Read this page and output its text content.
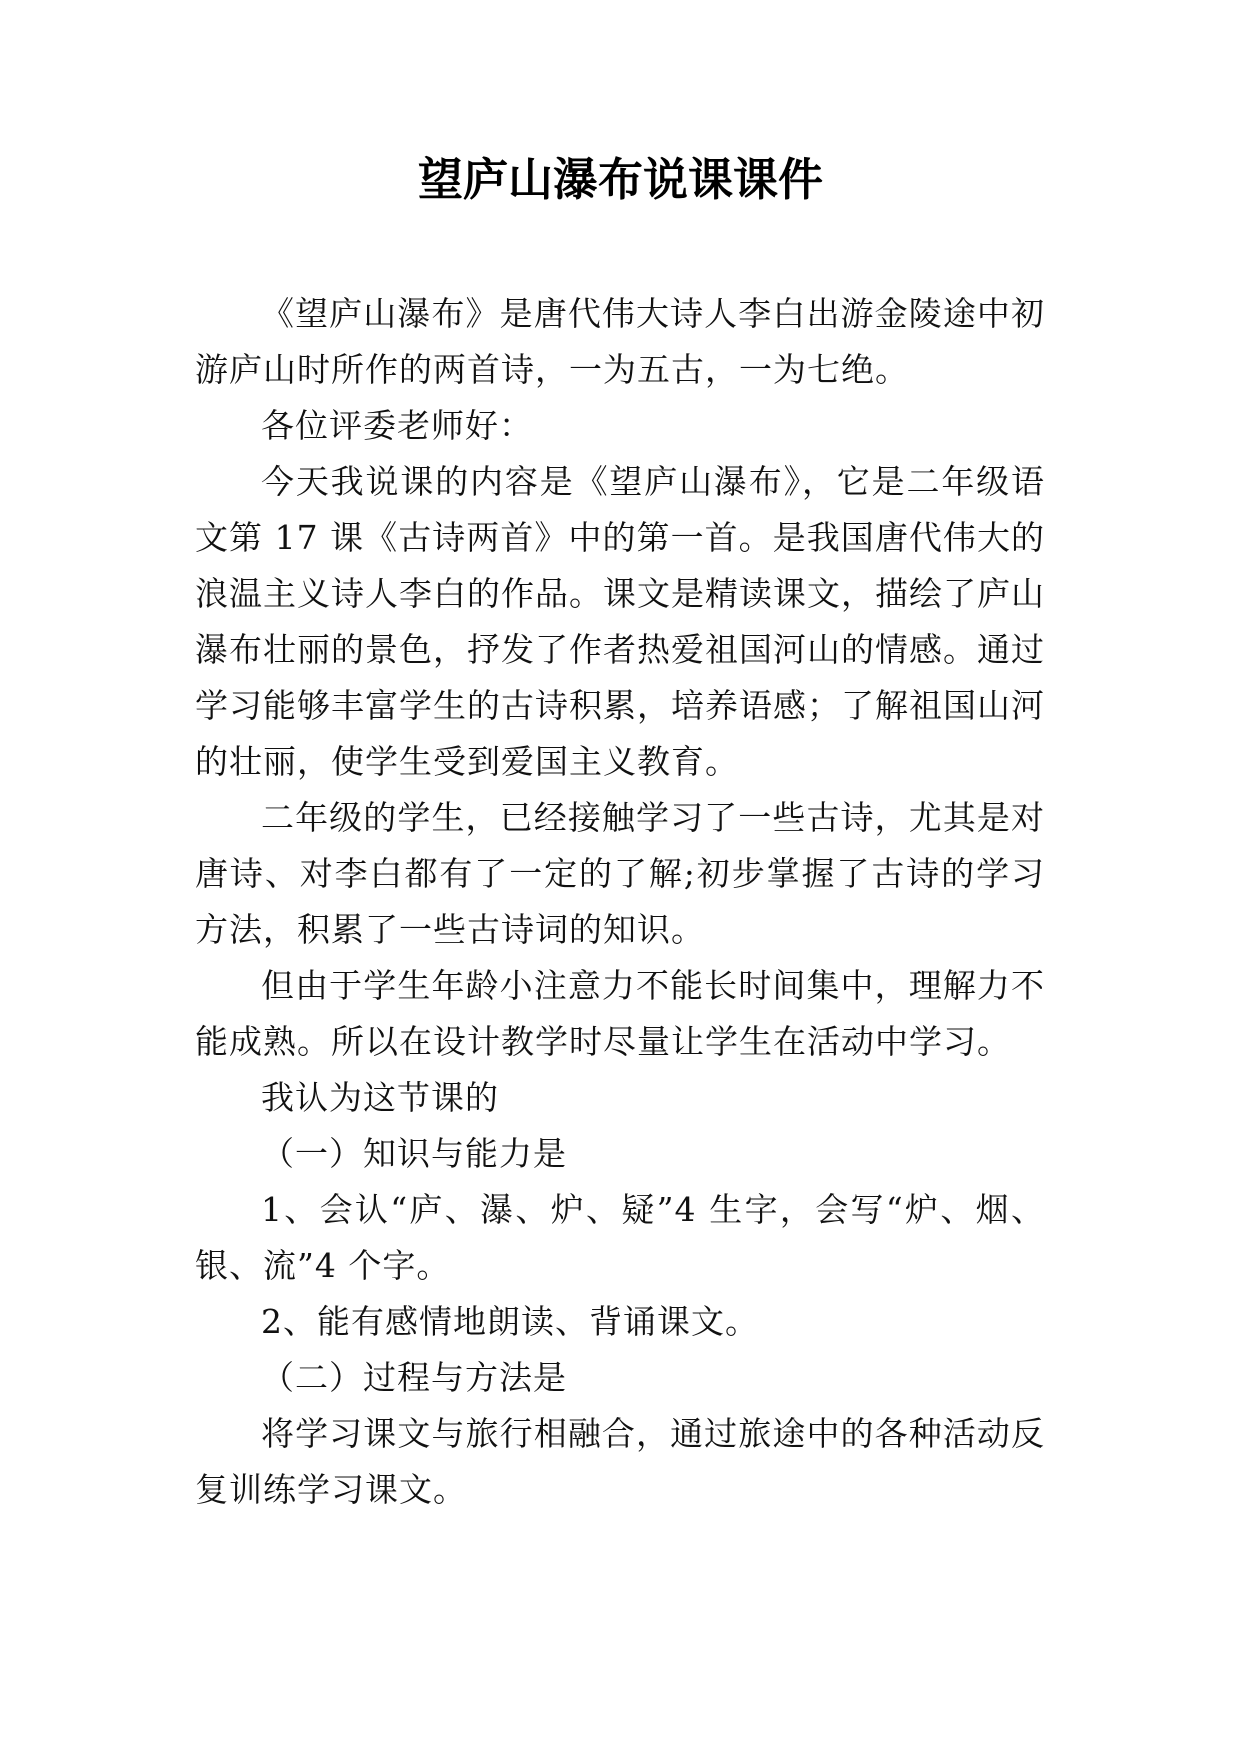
望庐山瀑布说课课件

《望庐山瀑布》是唐代伟大诗人李白出游金陵途中初游庐山时所作的两首诗，一为五古，一为七绝。

各位评委老师好：

今天我说课的内容是《望庐山瀑布》，它是二年级语文第 17 课《古诗两首》中的第一首。是我国唐代伟大的浪温主义诗人李白的作品。课文是精读课文，描绘了庐山瀑布壮丽的景色，抒发了作者热爱祖国河山的情感。通过学习能够丰富学生的古诗积累，培养语感；了解祖国山河的壮丽，使学生受到爱国主义教育。

二年级的学生，已经接触学习了一些古诗，尤其是对唐诗、对李白都有了一定的了解;初步掌握了古诗的学习方法，积累了一些古诗词的知识。

但由于学生年龄小注意力不能长时间集中，理解力不能成熟。所以在设计教学时尽量让学生在活动中学习。

我认为这节课的

（一）知识与能力是

1、会认“庐、瀑、炉、疑”4 生字，会写“炉、烟、银、流”4 个字。

2、能有感情地朗读、背诵课文。

（二）过程与方法是

将学习课文与旅行相融合，通过旅途中的各种活动反复训练学习课文。
